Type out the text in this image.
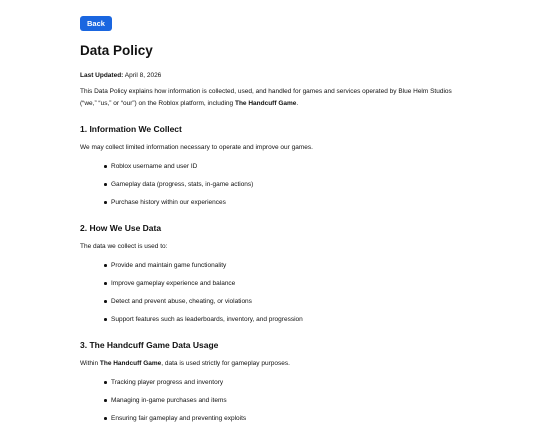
Back
Data Policy
Last Updated: April 8, 2026

This Data Policy explains how information is collected, used, and handled for games and services operated by Blue Helm Studios (“we,” “us,” or “our”) on the Roblox platform, including The Handcuff Game.

1. Information We Collect

We may collect limited information necessary to operate and improve our games.

Roblox username and user ID
Gameplay data (progress, stats, in-game actions)
Purchase history within our experiences
2. How We Use Data

The data we collect is used to:

Provide and maintain game functionality
Improve gameplay experience and balance
Detect and prevent abuse, cheating, or violations
Support features such as leaderboards, inventory, and progression
3. The Handcuff Game Data Usage

Within The Handcuff Game, data is used strictly for gameplay purposes.

Tracking player progress and inventory
Managing in-game purchases and items
Ensuring fair gameplay and preventing exploits
